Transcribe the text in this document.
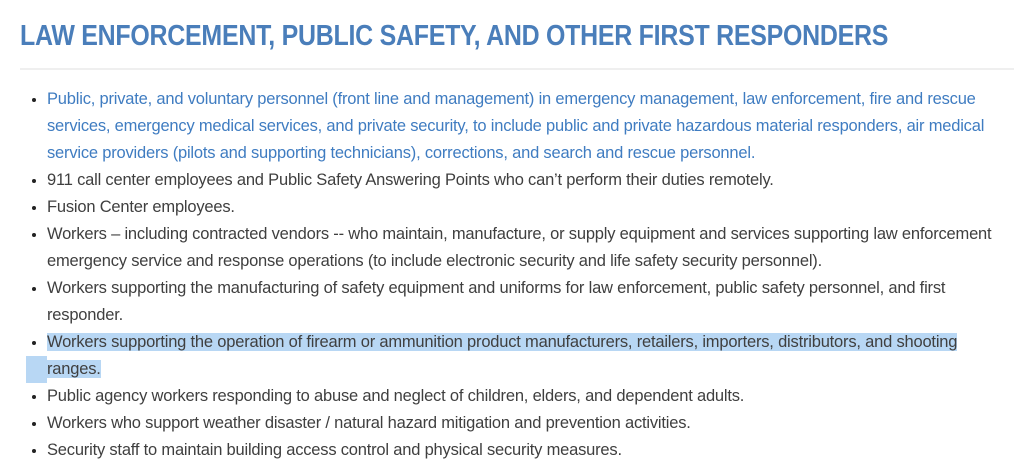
LAW ENFORCEMENT, PUBLIC SAFETY, AND OTHER FIRST RESPONDERS
• Public, private, and voluntary personnel (front line and management) in emergency management, law enforcement, fire and rescue services, emergency medical services, and private security, to include public and private hazardous material responders, air medical service providers (pilots and supporting technicians), corrections, and search and rescue personnel.
• 911 call center employees and Public Safety Answering Points who can’t perform their duties remotely.
• Fusion Center employees.
• Workers – including contracted vendors -- who maintain, manufacture, or supply equipment and services supporting law enforcement emergency service and response operations (to include electronic security and life safety security personnel).
• Workers supporting the manufacturing of safety equipment and uniforms for law enforcement, public safety personnel, and first responder.
• Workers supporting the operation of firearm or ammunition product manufacturers, retailers, importers, distributors, and shooting ranges.
• Public agency workers responding to abuse and neglect of children, elders, and dependent adults.
• Workers who support weather disaster / natural hazard mitigation and prevention activities.
• Security staff to maintain building access control and physical security measures.
